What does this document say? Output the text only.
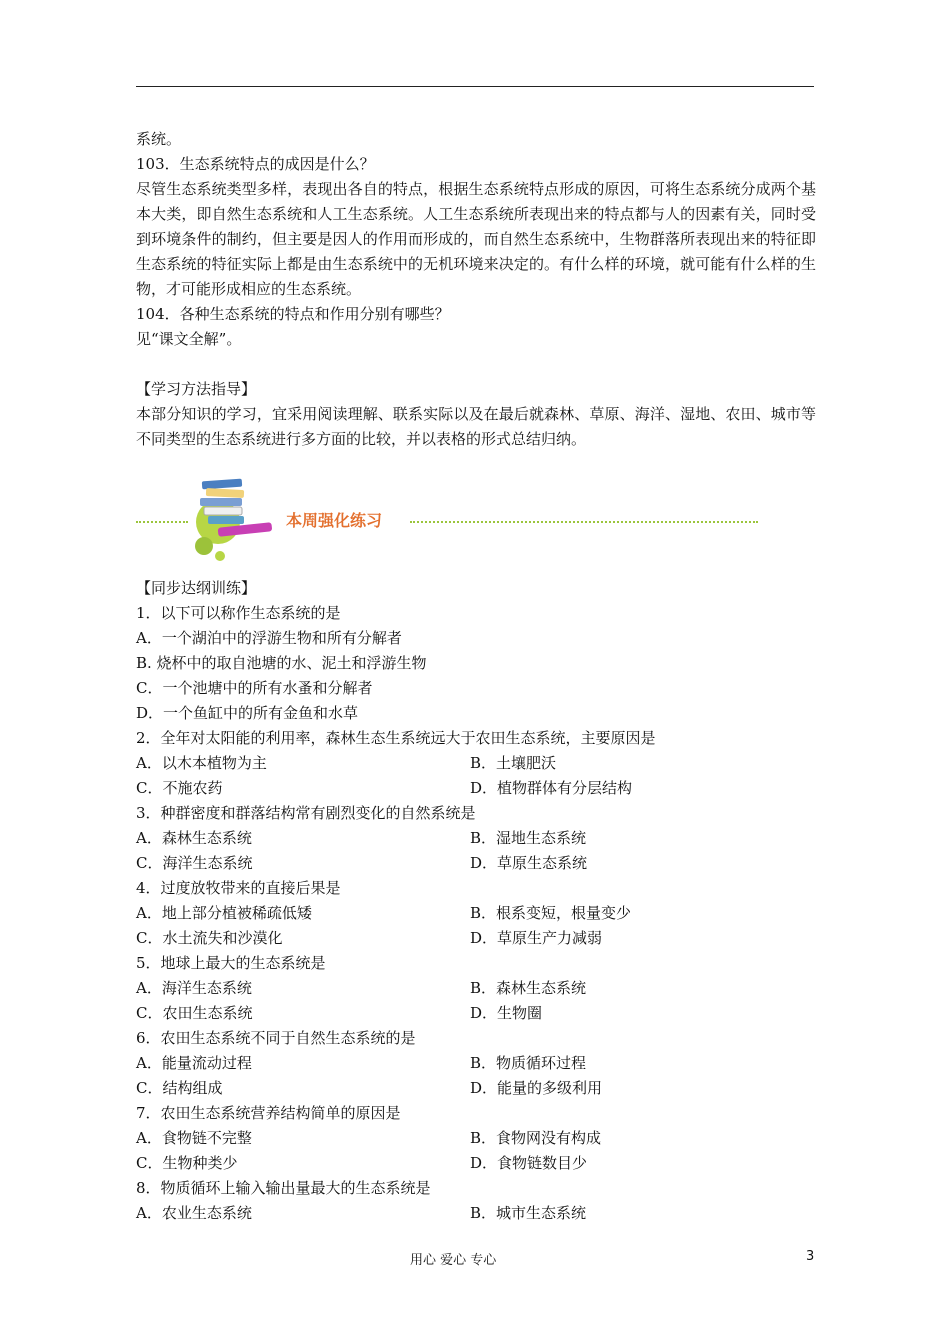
系统。
103．生态系统特点的成因是什么？
尽管生态系统类型多样，表现出各自的特点，根据生态系统特点形成的原因，可将生态系统分成两个基本大类，即自然生态系统和人工生态系统。人工生态系统所表现出来的特点都与人的因素有关，同时受到环境条件的制约，但主要是因人的作用而形成的，而自然生态系统中，生物群落所表现出来的特征即生态系统的特征实际上都是由生态系统中的无机环境来决定的。有什么样的环境，就可能有什么样的生物，才可能形成相应的生态系统。
104．各种生态系统的特点和作用分别有哪些？
见“课文全解”。
【学习方法指导】
本部分知识的学习，宜采用阅读理解、联系实际以及在最后就森林、草原、海洋、湿地、农田、城市等不同类型的生态系统进行多方面的比较，并以表格的形式总结归纳。
本周强化练习
【同步达纲训练】
1．以下可以称作生态系统的是
A．一个湖泊中的浮游生物和所有分解者
B. 烧杯中的取自池塘的水、泥土和浮游生物
C．一个池塘中的所有水蚤和分解者
D．一个鱼缸中的所有金鱼和水草
2．全年对太阳能的利用率，森林生态生系统远大于农田生态系统，主要原因是
A．以木本植物为主	B．土壤肥沃
C．不施农药	D．植物群体有分层结构
3．种群密度和群落结构常有剧烈变化的自然系统是
A．森林生态系统	B．湿地生态系统
C．海洋生态系统	D．草原生态系统
4．过度放牧带来的直接后果是
A．地上部分植被稀疏低矮	B．根系变短，根量变少
C．水土流失和沙漠化	D．草原生产力减弱
5．地球上最大的生态系统是
A．海洋生态系统	B．森林生态系统
C．农田生态系统	D．生物圈
6．农田生态系统不同于自然生态系统的是
A．能量流动过程	B．物质循环过程
C．结构组成	D．能量的多级利用
7．农田生态系统营养结构简单的原因是
A．食物链不完整	B．食物网没有构成
C．生物种类少	D．食物链数目少
8．物质循环上输入输出量最大的生态系统是
A．农业生态系统	B．城市生态系统
用心 爱心 专心	3
